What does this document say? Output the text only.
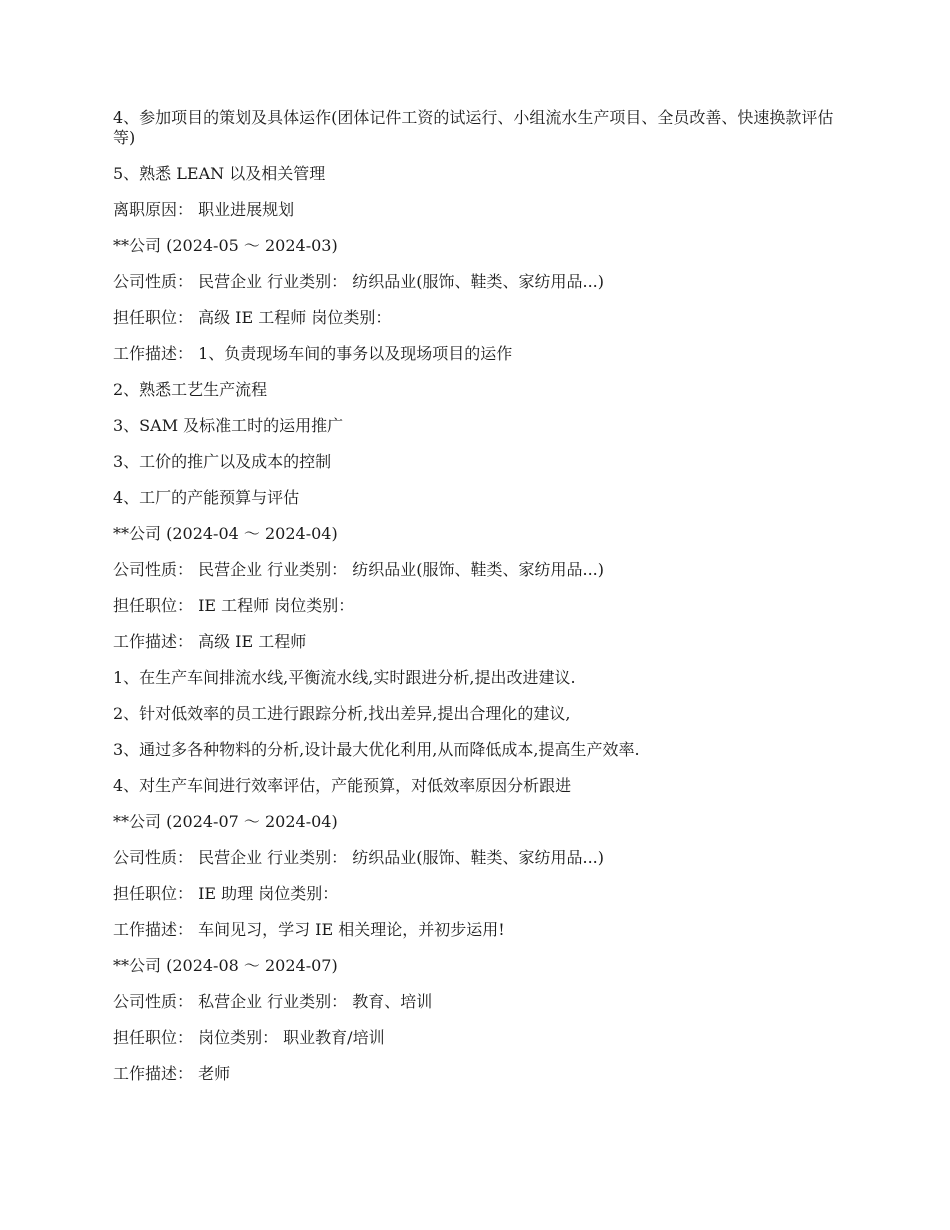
4、参加项目的策划及具体运作(团体记件工资的试运行、小组流水生产项目、全员改善、快速换款评估等)

5、熟悉 LEAN 以及相关管理

离职原因： 职业进展规划

**公司 (2024-05 ～ 2024-03)

公司性质： 民营企业 行业类别： 纺织品业(服饰、鞋类、家纺用品...)

担任职位： 高级 IE 工程师 岗位类别：

工作描述： 1、负责现场车间的事务以及现场项目的运作

2、熟悉工艺生产流程

3、SAM 及标准工时的运用推广

3、工价的推广以及成本的控制

4、工厂的产能预算与评估

**公司 (2024-04 ～ 2024-04)

公司性质： 民营企业 行业类别： 纺织品业(服饰、鞋类、家纺用品...)

担任职位： IE 工程师 岗位类别：

工作描述： 高级 IE 工程师

1、在生产车间排流水线,平衡流水线,实时跟进分析,提出改进建议.

2、针对低效率的员工进行跟踪分析,找出差异,提出合理化的建议,

3、通过多各种物料的分析,设计最大优化利用,从而降低成本,提高生产效率.

4、对生产车间进行效率评估，产能预算，对低效率原因分析跟进

**公司 (2024-07 ～ 2024-04)

公司性质： 民营企业 行业类别： 纺织品业(服饰、鞋类、家纺用品...)

担任职位： IE 助理 岗位类别：

工作描述： 车间见习，学习 IE 相关理论，并初步运用!

**公司 (2024-08 ～ 2024-07)

公司性质： 私营企业 行业类别： 教育、培训

担任职位： 岗位类别： 职业教育/培训

工作描述： 老师
